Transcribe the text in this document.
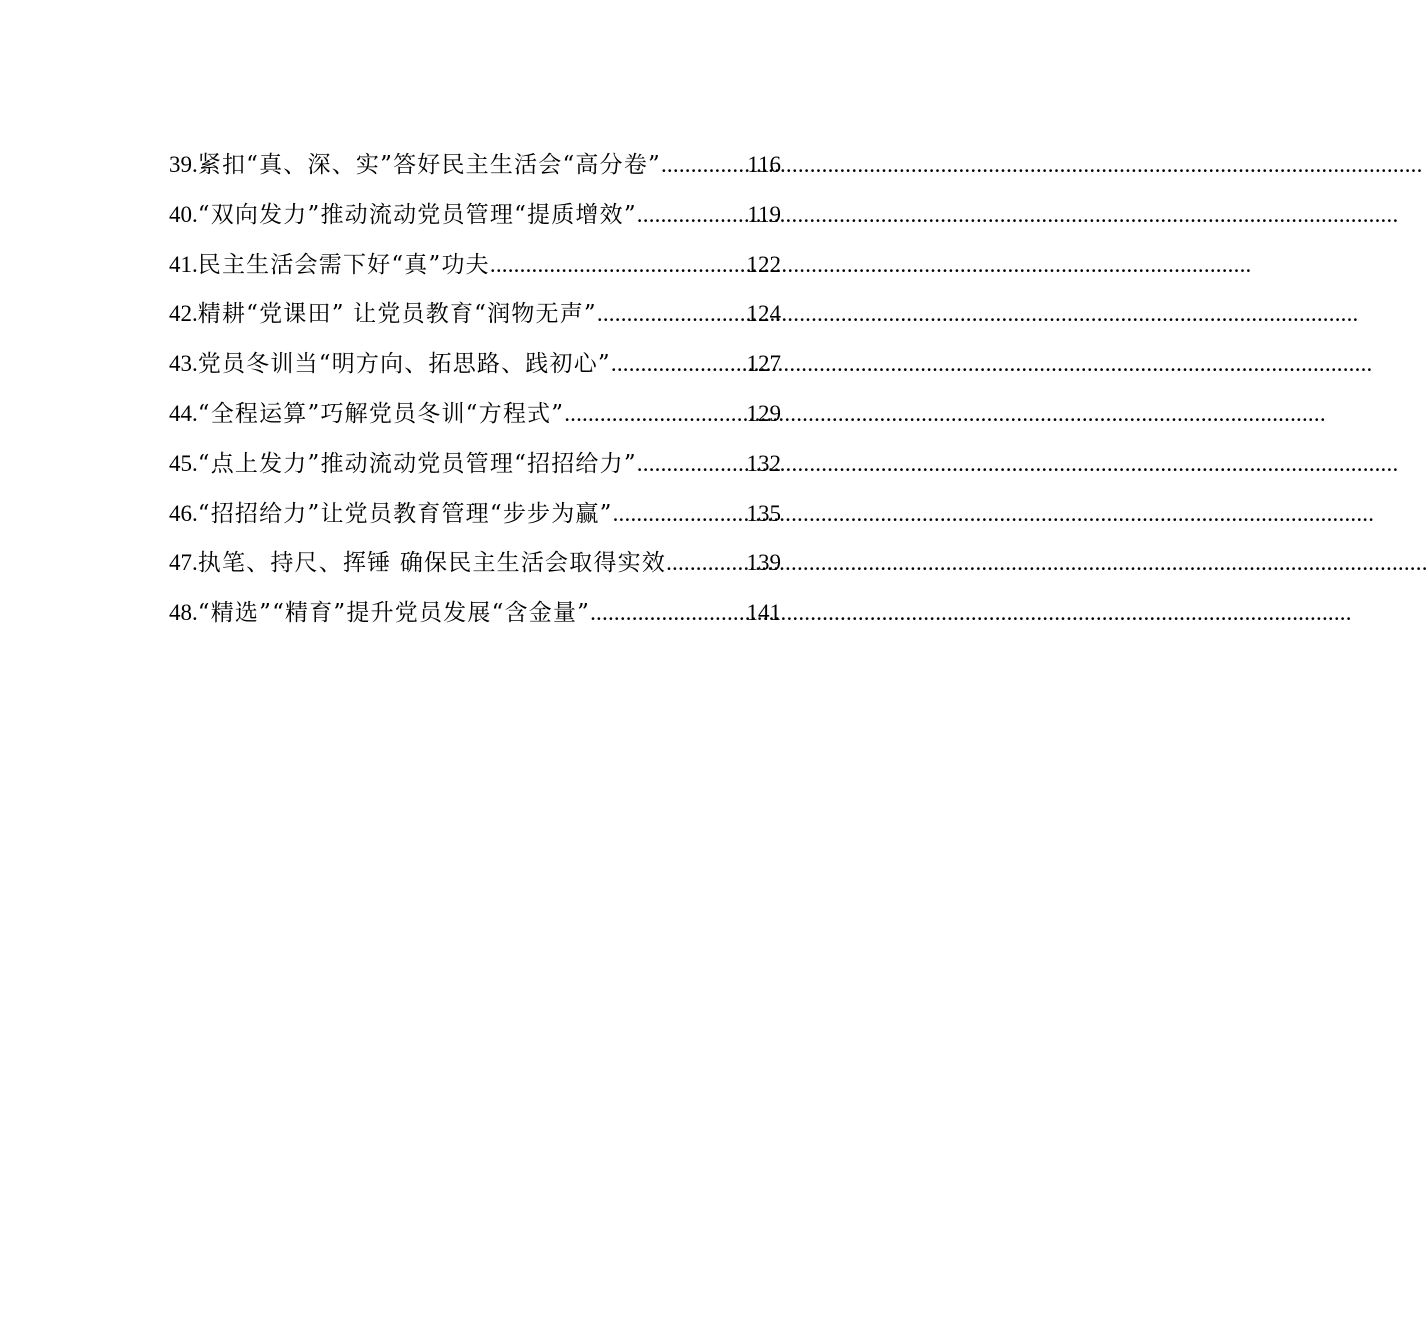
39. 紧扣“真、深、实”答好民主生活会“高分卷” .....	116
40. “双向发力”推动流动党员管理“提质增效” .....	119
41. 民主生活会需下好“真”功夫 .....	122
42. 精耕“党课田” 让党员教育“润物无声” .....	124
43. 党员冬训当“明方向、拓思路、践初心” .....	127
44. “全程运算”巧解党员冬训“方程式” .....	129
45. “点上发力”推动流动党员管理“招招给力” .....	132
46. “招招给力”让党员教育管理“步步为赢” .....	135
47. 执笔、持尺、挥锤 确保民主生活会取得实效 .....	139
48. “精选”“精育”提升党员发展“含金量” .....	141
